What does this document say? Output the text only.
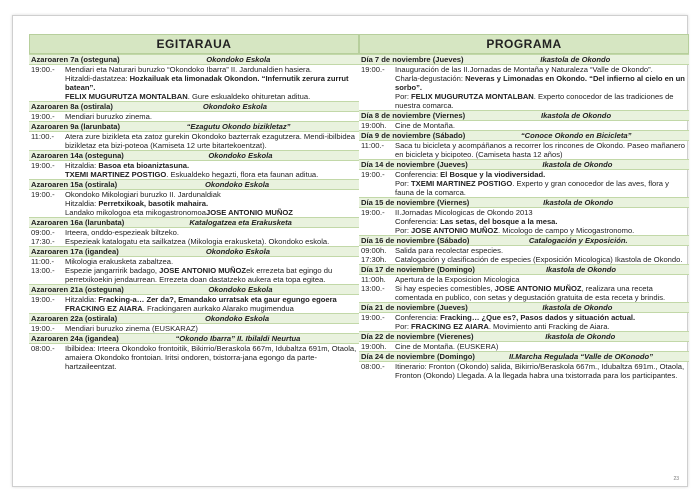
EGITARAUA
Azaroaren 7a (osteguna)	Okondoko Eskola
19:00.-	Mendiari eta Naturari buruzko “Okondoko Ibarra” II. Jardunaldien hasiera.
Hitzaldi-dastatzea: Hozkailuak eta limonadak Okondon. “Infernutik zerura zurrut batean”.
FELIX MUGURUTZA MONTALBAN. Gure eskualdeko ohituretan aditua.
Azaroaren 8a (ostirala)	Okondoko Eskola
19:00.-	Mendiari buruzko zinema.
Azaroaren 9a (larunbata)	“Ezagutu Okondo bizikletaz”
11:00.-	Atera zure bizikleta eta zatoz gurekin Okondoko bazterrak ezagutzera. Mendi-ibilbidea bizikletaz eta bizi-poteoa (Kamiseta 12 urte bitartekoentzat).
Azaroaren 14a (osteguna)	Okondoko Eskola
19:00.-	Hitzaldia: Basoa eta bioaniztasuna.
TXEMI MARTINEZ POSTIGO. Eskualdeko hegazti, flora eta faunan aditua.
Azaroaren 15a (ostirala)	Okondoko Eskola
19:00.-	Okondoko Mikologiari buruzko II. Jardunaldiak
Hitzaldia: Perretxikoak, basotik mahaira.
Landako mikologoa eta mikogastronomoaJOSE ANTONIO MUÑOZ
Azaroaren 16a (larunbata)	Katalogatzea eta Erakusketa
09:00.-	Irteera, onddo-espezieak biltzeko.
17:30.-	Espezieak katalogatu eta sailkatzea (Mikologia erakusketa). Okondoko eskola.
Azaroaren 17a (igandea)	Okondoko Eskola
11:00.-	Mikologia erakusketa zabaltzea.
13:00.-	Espezie jangarririk badago, JOSE ANTONIO MUÑOZek errezeta bat egingo du perretxikoekin jendaurrean. Errezeta doan dastatzeko aukera eta topa egitea.
Azaroaren 21a (osteguna)	Okondoko Eskola
19:00.-	Hitzaldia: Fracking-a… Zer da?, Emandako urratsak eta gaur egungo egoera
FRACKING EZ AIARA. Frackingaren aurkako Alarako mugimendua
Azaroaren 22a (ostirala)	Okondoko Eskola
19:00.-	Mendiari buruzko zinema (EUSKARAZ)
Azaroaren 24a (igandea)	“Okondo Ibarra” II. Ibilaldi Neurtua
08:00.-	Ibilbidea: Irteera Okondoko frontoitik, Bikirrio/Beraskola 667m, Idubaltza 691m, Otaola, amaiera Okondoko frontoian. Iritsi ondoren, txistorra-jana egongo da parte-hartzaileentzat.
PROGRAMA
Día 7 de noviembre (Jueves)	Ikastola de Okondo
19:00.-	Inauguración de las II.Jornadas de Montaña y Naturaleza “Valle de Okondo”.
Charla-degustación: Neveras y Limonadas en Okondo. “Del infierno al cielo en un sorbo”.
Por: FELIX MUGURUTZA MONTALBAN. Experto conocedor de las tradiciones de nuestra comarca.
Día 8 de noviembre (Viernes)	Ikastola de Okondo
19:00h.	Cine de Montaña.
Día 9 de noviembre (Sábado)	“Conoce Okondo en Bicicleta”
11:00.-	Saca tu bicicleta y acompáñanos a recorrer los rincones de Okondo. Paseo mañanero en bicicleta y bicipoteo. (Camiseta hasta 12 años)
Día 14 de noviembre (Jueves)	Ikastola de Okondo
19:00.-	Conferencia: El Bosque y la viodiversidad.
Por: TXEMI MARTINEZ POSTIGO. Experto y gran conocedor de las aves, flora y fauna de la comarca.
Día 15 de noviembre (Viernes)	Ikastola de Okondo
19:00.-	II.Jornadas Micologicas de Okondo 2013
Conferencia: Las setas, del bosque a la mesa.
Por: JOSE ANTONIO MUÑOZ. Micologo de campo y Micogastronomo.
Día 16 de noviembre (Sábado)	Catalogación y Exposición.
09:00h.	Salida para recolectar especies.
17:30h.	Catalogación y clasificación de especies (Exposición Micologica) Ikastola de Okondo.
Día 17 de noviembre (Domingo)	Ikastola de Okondo
11:00h.	Apertura de la Exposicion Micologica
13:00.-	Si hay especies comestibles, JOSE ANTONIO MUÑOZ, realizara una receta comentada en publico, con setas y degustación gratuita de esta receta y brindis.
Día 21 de noviembre (Jueves)	Ikastola de Okondo
19:00.-	Conferencia: Fracking… ¿Que es?, Pasos dados y situación actual.
Por: FRACKING EZ AIARA. Movimiento anti Fracking de Aiara.
Día 22 de noviembre (Vierenes)	Ikastola de Okondo
19:00h.	Cine de Montaña. (EUSKERA)
Día 24 de noviembre (Domingo)	II.Marcha Regulada “Valle de OKonodo”
08:00.-	Itinerario: Fronton (Okondo) salida, Bikirrio/Beraskola 667m., Idubaltza 691m., Otaola, Fronton (Okondo) Llegada. A la llegada habra una txistorrada para los participantes.
23
